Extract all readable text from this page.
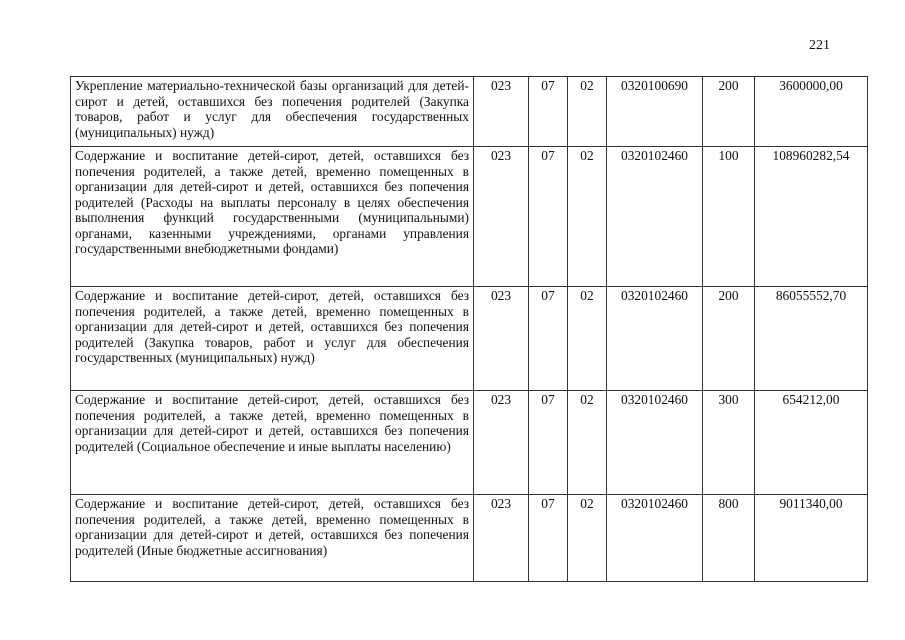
221
Укрепление материально-технической базы организаций для детей-сирот и детей, оставшихся без попечения родителей (Закупка товаров, работ и услуг для обеспечения государственных (муниципальных) нужд)	023	07	02	0320100690	200	3600000,00
Содержание и воспитание детей-сирот, детей, оставшихся без попечения родителей, а также детей, временно помещенных в организации для детей-сирот и детей, оставшихся без попечения родителей (Расходы на выплаты персоналу в целях обеспечения выполнения функций государственными (муниципальными) органами, казенными учреждениями, органами управления государственными внебюджетными фондами)	023	07	02	0320102460	100	108960282,54
Содержание и воспитание детей-сирот, детей, оставшихся без попечения родителей, а также детей, временно помещенных в организации для детей-сирот и детей, оставшихся без попечения родителей (Закупка товаров, работ и услуг для обеспечения государственных (муниципальных) нужд)	023	07	02	0320102460	200	86055552,70
Содержание и воспитание детей-сирот, детей, оставшихся без попечения родителей, а также детей, временно помещенных в организации для детей-сирот и детей, оставшихся без попечения родителей (Социальное обеспечение и иные выплаты населению)	023	07	02	0320102460	300	654212,00
Содержание и воспитание детей-сирот, детей, оставшихся без попечения родителей, а также детей, временно помещенных в организации для детей-сирот и детей, оставшихся без попечения родителей (Иные бюджетные ассигнования)	023	07	02	0320102460	800	9011340,00
